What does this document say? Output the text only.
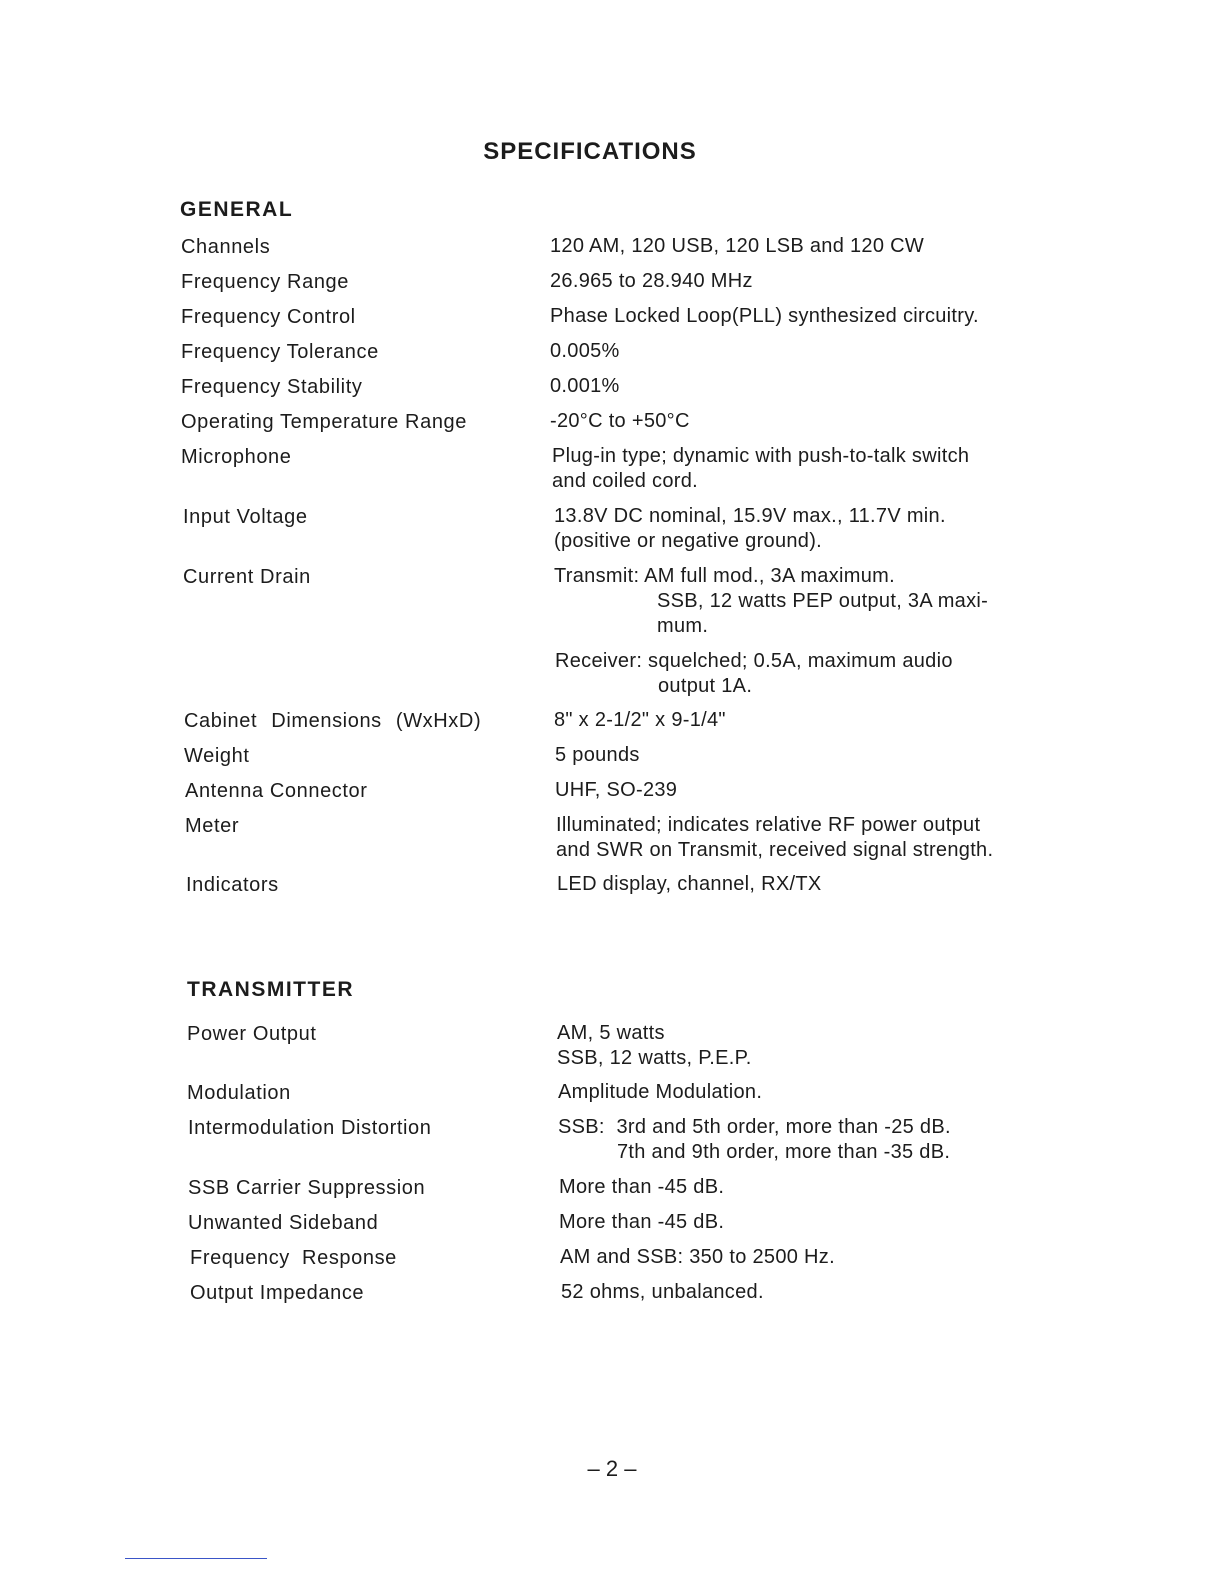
SPECIFICATIONS
GENERAL
Channels	120 AM, 120 USB, 120 LSB and 120 CW
Frequency Range	26.965 to 28.940 MHz
Frequency Control	Phase Locked Loop(PLL) synthesized circuitry.
Frequency Tolerance	0.005%
Frequency Stability	0.001%
Operating Temperature Range	-20°C to +50°C
Microphone	Plug-in type; dynamic with push-to-talk switch
and coiled cord.
Input Voltage	13.8V DC nominal, 15.9V max., 11.7V min.
(positive or negative ground).
Current Drain	Transmit: AM full mod., 3A maximum.
SSB, 12 watts PEP output, 3A maxi-
mum.
Receiver: squelched; 0.5A, maximum audio
output 1A.
Cabinet Dimensions (WxHxD)	8" x 2-1/2" x 9-1/4"
Weight	5 pounds
Antenna Connector	UHF, SO-239
Meter	Illuminated; indicates relative RF power output
and SWR on Transmit, received signal strength.
Indicators	LED display, channel, RX/TX
TRANSMITTER
Power Output	AM, 5 watts
SSB, 12 watts, P.E.P.
Modulation	Amplitude Modulation.
Intermodulation Distortion	SSB: 3rd and 5th order, more than -25 dB.
7th and 9th order, more than -35 dB.
SSB Carrier Suppression	More than -45 dB.
Unwanted Sideband	More than -45 dB.
Frequency Response	AM and SSB: 350 to 2500 Hz.
Output Impedance	52 ohms, unbalanced.
– 2 –
